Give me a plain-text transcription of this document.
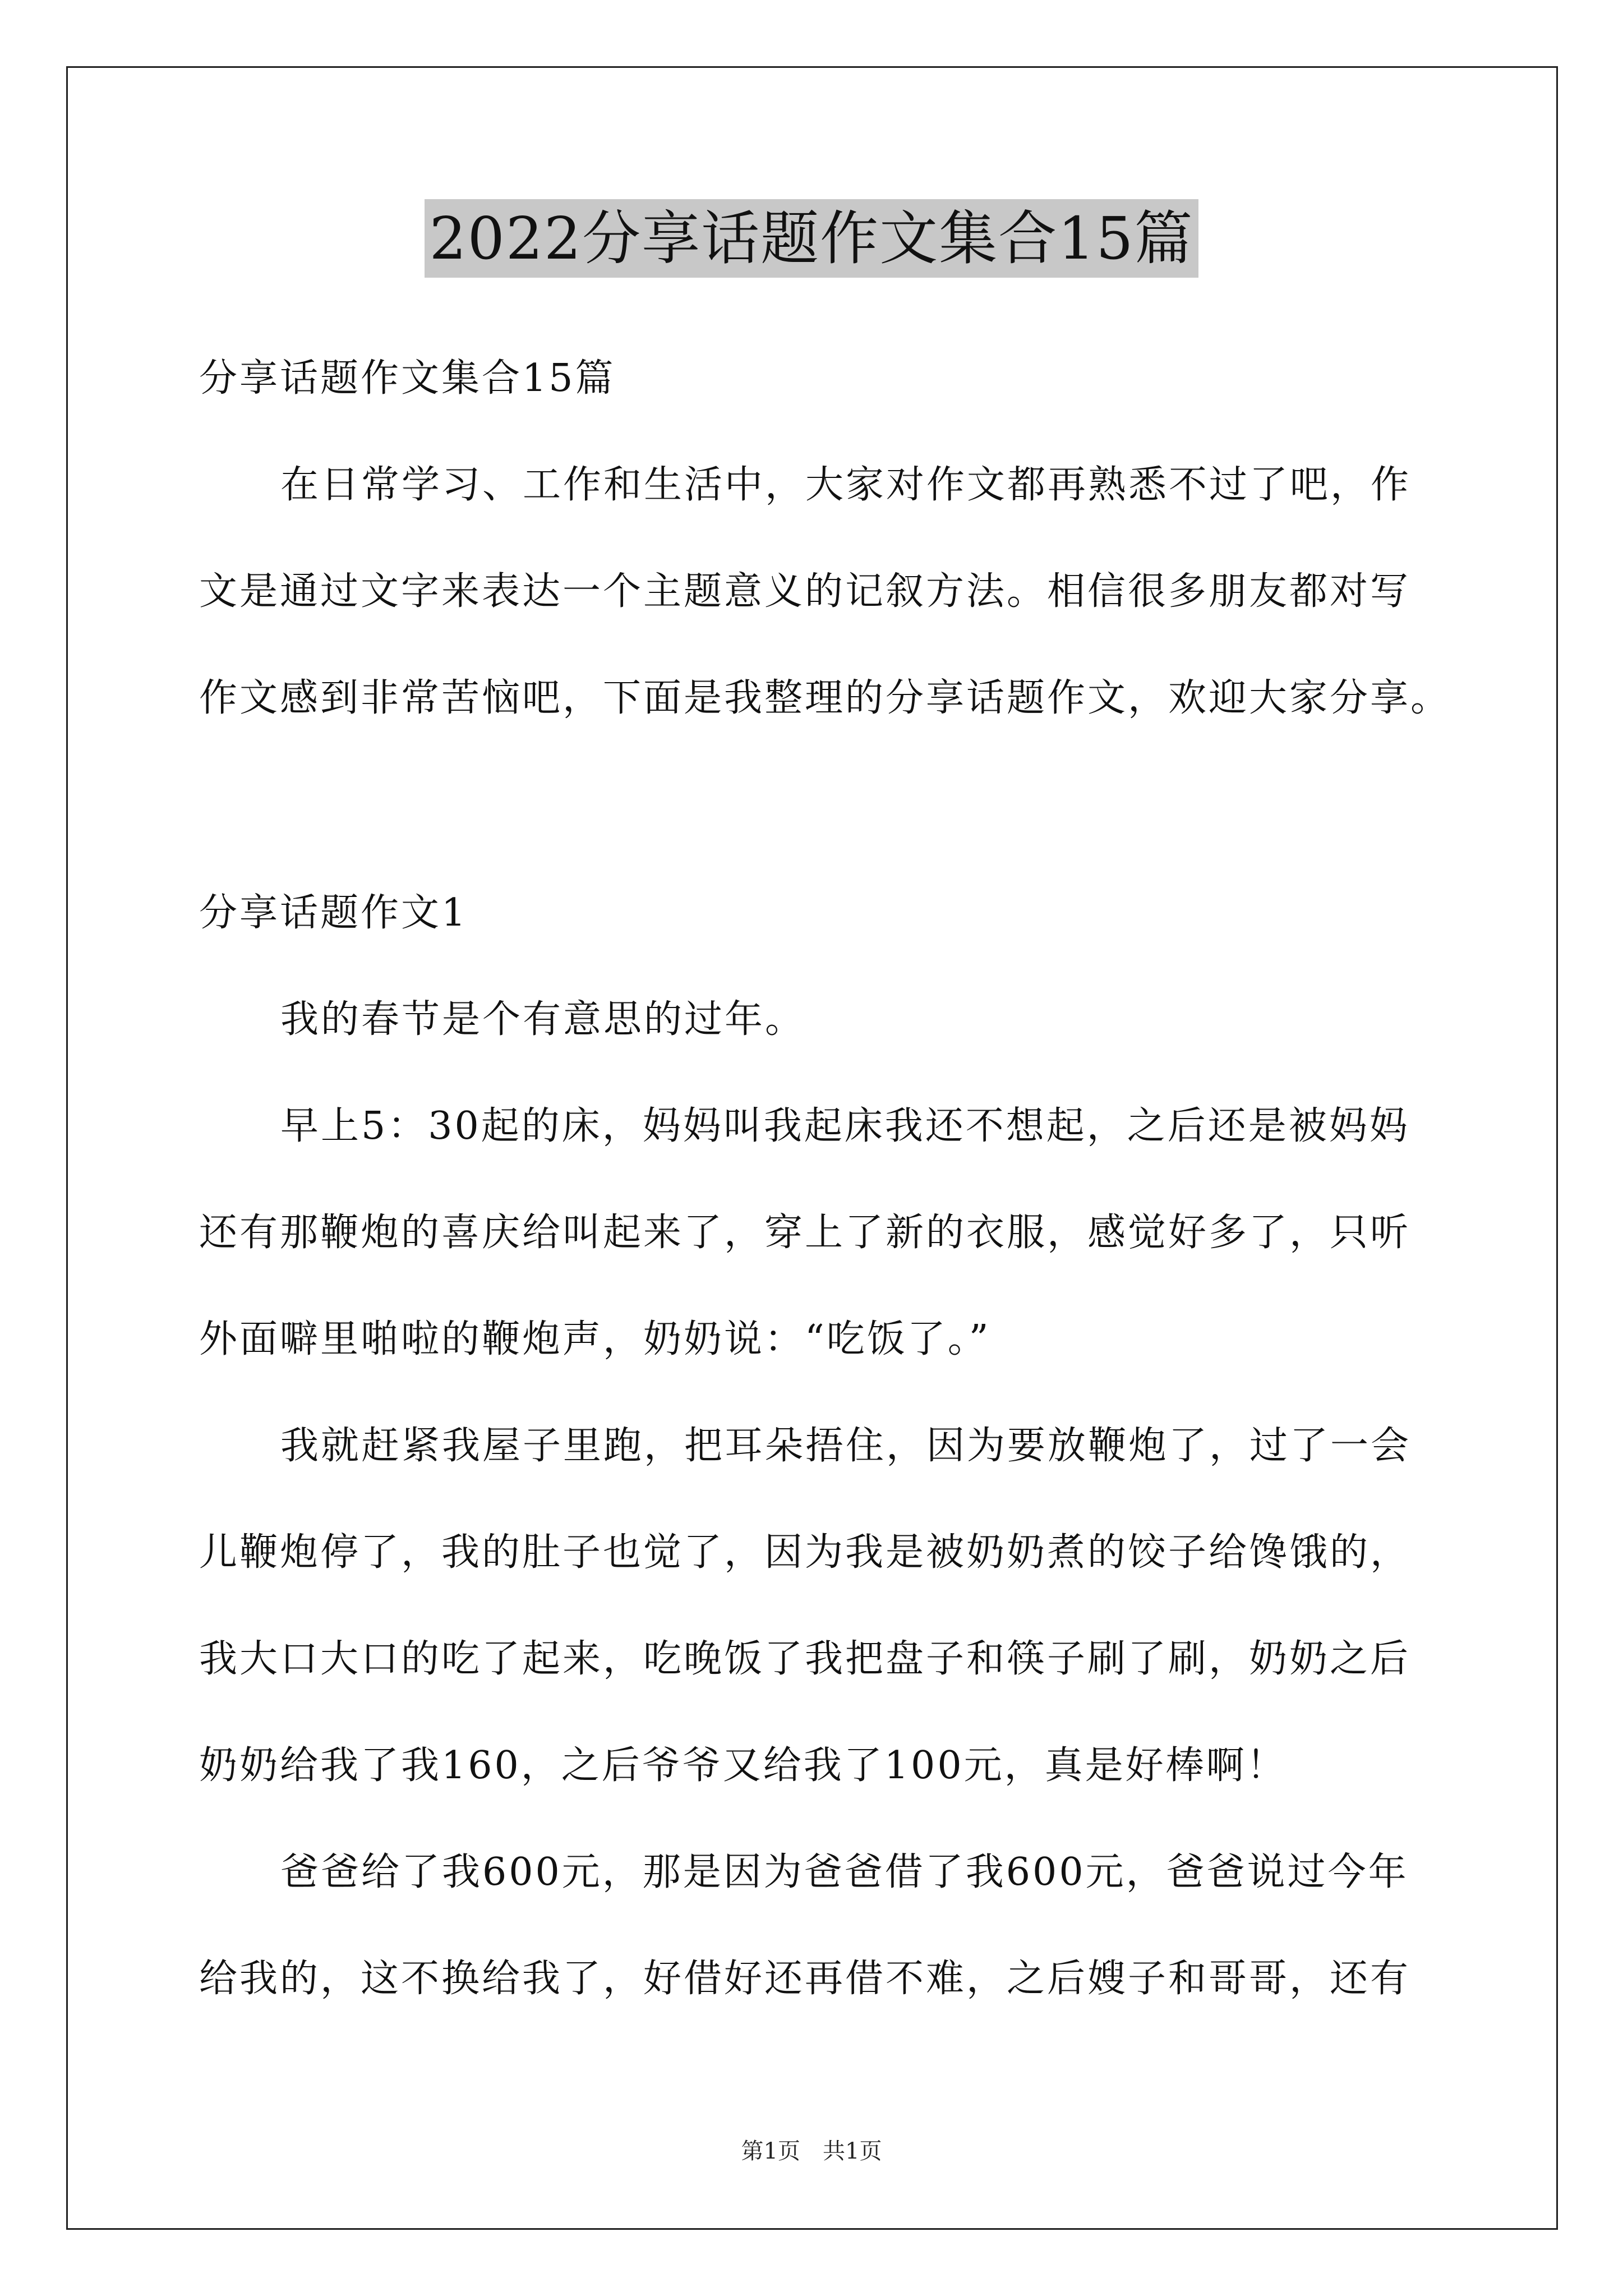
2022分享话题作文集合15篇
分享话题作文集合15篇
在日常学习、工作和生活中，大家对作文都再熟悉不过了吧，作
文是通过文字来表达一个主题意义的记叙方法。相信很多朋友都对写
作文感到非常苦恼吧，下面是我整理的分享话题作文，欢迎大家分享。
分享话题作文1
我的春节是个有意思的过年。
早上5：30起的床，妈妈叫我起床我还不想起，之后还是被妈妈
还有那鞭炮的喜庆给叫起来了，穿上了新的衣服，感觉好多了，只听
外面噼里啪啦的鞭炮声，奶奶说：“吃饭了。”
我就赶紧我屋子里跑，把耳朵捂住，因为要放鞭炮了，过了一会
儿鞭炮停了，我的肚子也觉了，因为我是被奶奶煮的饺子给馋饿的，
我大口大口的吃了起来，吃晚饭了我把盘子和筷子刷了刷，奶奶之后
奶奶给我了我160，之后爷爷又给我了100元，真是好棒啊！
爸爸给了我600元，那是因为爸爸借了我600元，爸爸说过今年
给我的，这不换给我了，好借好还再借不难，之后嫂子和哥哥，还有
第1页　共1页
